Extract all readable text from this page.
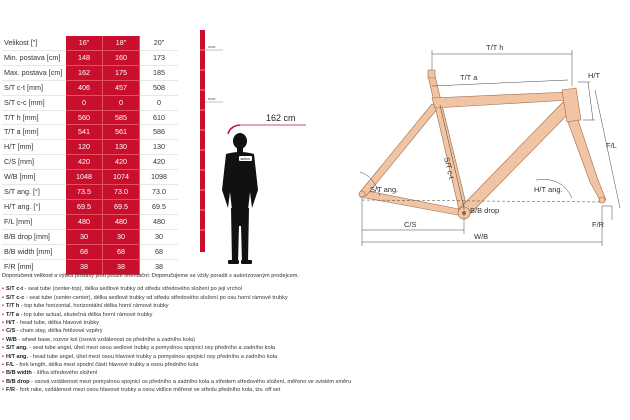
Velikost ["]	16"	18"	20"
Min. postava [cm]	148	160	173
Max. postava [cm]	162	175	185
S/T c-t [mm]	406	457	508
S/T c-c [mm]	0	0	0
T/T h [mm]	560	585	610
T/T a [mm]	541	561	586
H/T [mm]	120	130	130
C/S [mm]	420	420	420
W/B [mm]	1048	1074	1098
S/T ang. [°]	73.5	73.0	73.0
H/T ang. [°]	69.5	69.5	69.5
F/L [mm]	480	480	480
B/B drop [mm]	30	30	30
B/B width [mm]	68	68	68
F/R [mm]	38	38	38
max
max
162 cm
author
T/T h
T/T a	H/T
F/L
S/T c-t
S/T ang.	H/T ang.
B/B drop
C/S
W/B
F/R
Doporučená velikost a výška postavy jsou pouze orientační. Doporučujeme se vždy poradit s autorizovaným prodejcem.
• S/T c-t - seat tube (center-top), délka sedlové trubky od středu středového složení po její vrchol
• S/T c-c - seat tube (center-center), délka sedlové trubky od středu středového složení po osu horní rámové trubky
• T/T h - top tube horizontal, horizontální délka horní rámové trubky
• T/T a - top tube actual, skutečná délka horní rámové trubky
• H/T - head tube, délka hlavové trubky
• C/S - chain stay, délka řetězové vzpěry
• W/B - wheel base, rozvor kol (osová vzdálenost os předního a zadního kola)
• S/T ang. - seat tube angel, úhel mezi osou sedlové trubky a pomyslnou spojnicí osy předního a zadního kola
• H/T ang. - head tube angel, úhel mezi osou hlavové trubky a pomyslnou spojnicí osy předního a zadního kola
• F/L - fork length, délka mezi spodní částí hlavové trubky a osou předního kola
• B/B width - šířka středového složení
• B/B drop - osová vzdálenost mezi pomyslnou spojnicí os předního a zadního kola a středem středového složení, měřeno ve svislém směru
• F/R - fork rake, vzdálenost mezi osou hlavové trubky a osou vidlice měřené ve středu předního kola, tzv. off set
